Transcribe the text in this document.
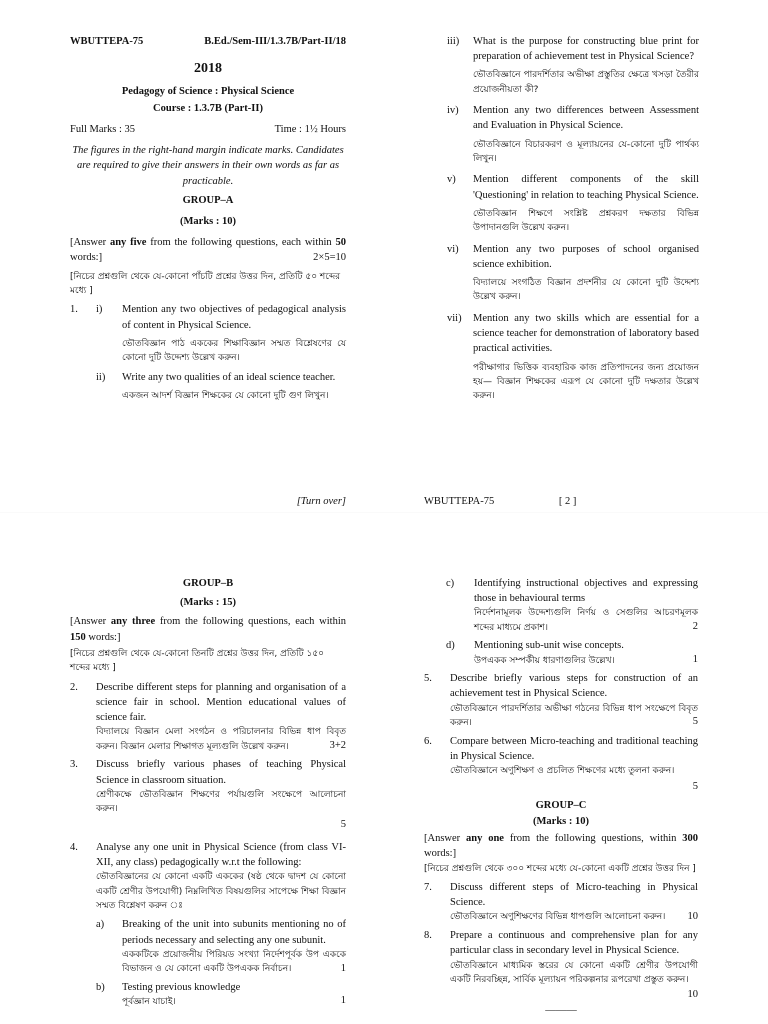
WBUTTEPA-75	B.Ed./Sem-III/1.3.7B/Part-II/18
2018
Pedagogy of Science : Physical Science
Course : 1.3.7B (Part-II)
Full Marks : 35	Time : 1½ Hours
The figures in the right-hand margin indicate marks. Candidates are required to give their answers in their own words as far as practicable.
GROUP–A
(Marks : 10)
[Answer any five from the following questions, each within 50 words:]	2×5=10
[নিচের প্রশ্নগুলি থেকে যে-কোনো পাঁচটি প্রশ্নের উত্তর দিন, প্রতিটি ৫০ শব্দের মধ্যে ]
1. i) Mention any two objectives of pedagogical analysis of content in Physical Science.
ভৌতবিজ্ঞান পাঠ এককের শিক্ষাবিজ্ঞান সম্মত বিশ্লেষণের যে কোনো দুটি উদ্দেশ্য উল্লেখ করুন।
ii) Write any two qualities of an ideal science teacher.
একজন আদর্শ বিজ্ঞান শিক্ষকের যে কোনো দুটি গুণ লিখুন।
[Turn over]
iii) What is the purpose for constructing blue print for preparation of achievement test in Physical Science?
ভৌতবিজ্ঞানে পারদর্শিতার অভীক্ষা প্রস্তুতির ক্ষেত্রে খসড়া তৈরীর প্রয়োজনীয়তা কী?
iv) Mention any two differences between Assessment and Evaluation in Physical Science.
ভৌতবিজ্ঞানে বিচারকরণ ও মূল্যায়নের যে-কোনো দুটি পার্থক্য লিখুন।
v) Mention different components of the skill 'Questioning' in relation to teaching Physical Science.
ভৌতবিজ্ঞান শিক্ষণে সংশ্লিষ্ট প্রশ্নকরণ দক্ষতার বিভিন্ন উপাদানগুলি উল্লেখ করুন।
vi) Mention any two purposes of school organised science exhibition.
বিদ্যালয়ে সংগঠিত বিজ্ঞান প্রদর্শনীর যে কোনো দুটি উদ্দেশ্য উল্লেখ করুন।
vii) Mention any two skills which are essential for a science teacher for demonstration of laboratory based practical activities.
পরীক্ষাগার ভিত্তিক ব্যবহারিক কাজ প্রতিপাদনের জন্য প্রয়োজন হয়— বিজ্ঞান শিক্ষকের এরূপ যে কোনো দুটি দক্ষতার উল্লেখ করুন।
WBUTTEPA-75	[ 2 ]
GROUP–B
(Marks : 15)
[Answer any three from the following questions, each within 150 words:]
[নিচের প্রশ্নগুলি থেকে যে-কোনো তিনটি প্রশ্নের উত্তর দিন, প্রতিটি ১৫০ শব্দের মধ্যে ]
2. Describe different steps for planning and organisation of a science fair in school. Mention educational values of science fair.
বিদ্যালয়ে বিজ্ঞান মেলা সংগঠন ও পরিচালনার বিভিন্ন ধাপ বিবৃত করুন। বিজ্ঞান মেলার শিক্ষাগত মূল্যগুলি উল্লেখ করুন।	3+2
3. Discuss briefly various phases of teaching Physical Science in classroom situation.
শ্রেণীকক্ষে ভৌতবিজ্ঞান শিক্ষণের পর্যায়গুলি সংক্ষেপে আলোচনা করুন।
5
4. Analyse any one unit in Physical Science (from class VI-XII, any class) pedagogically w.r.t the following:
ভৌতবিজ্ঞানের যে কোনো একটি এককের (ষষ্ঠ থেকে দ্বাদশ যে কোনো একটি শ্রেণীর উপযোগী) নিম্নলিখিত বিষয়গুলির সাপেক্ষে শিক্ষা বিজ্ঞান সম্মত বিশ্লেষণ করুন ঃ
a) Breaking of the unit into subunits mentioning no of periods necessary and selecting any one subunit.
এককটিকে প্রয়োজনীয় পিরিয়ড সংখ্যা নির্দেশপূর্বক উপ এককে বিভাজন ও যে কোনো একটি উপএকক নির্বাচন।	1
b) Testing previous knowledge
পূর্বজ্ঞান যাচাই।	1
c) Identifying instructional objectives and expressing those in behavioural terms
নির্দেশনামূলক উদ্দেশ্যগুলি নির্ণয় ও সেগুলির আচরণমূলক শব্দের মাধ্যমে প্রকাশ।	2
d) Mentioning sub-unit wise concepts.
উপএকক সম্পর্কীয় ধারণাগুলির উল্লেখ।	1
5. Describe briefly various steps for construction of an achievement test in Physical Science.
ভৌতবিজ্ঞানে পারদর্শিতার অভীক্ষা গঠনের বিভিন্ন ধাপ সংক্ষেপে বিবৃত করুন।	5
6. Compare between Micro-teaching and traditional teaching in Physical Science.
ভৌতবিজ্ঞানে অণুশিক্ষণ ও প্রচলিত শিক্ষণের মধ্যে তুলনা করুন।
5
GROUP–C
(Marks : 10)
[Answer any one from the following questions, within 300 words:]
[নিচের প্রশ্নগুলি থেকে ৩০০ শব্দের মধ্যে যে-কোনো একটি প্রশ্নের উত্তর দিন ]
7. Discuss different steps of Micro-teaching in Physical Science.
ভৌতবিজ্ঞানে অণুশিক্ষণের বিভিন্ন ধাপগুলি আলোচনা করুন।	10
8. Prepare a continuous and comprehensive plan for any particular class in secondary level in Physical Science.
ভৌতবিজ্ঞানে মাধ্যমিক স্তরের যে কোনো একটি শ্রেণীর উপযোগী একটি নিরবচ্ছিন্ন, সার্বিক মূল্যায়ন পরিকল্পনার রূপরেখা প্রস্তুত করুন।
10
———
